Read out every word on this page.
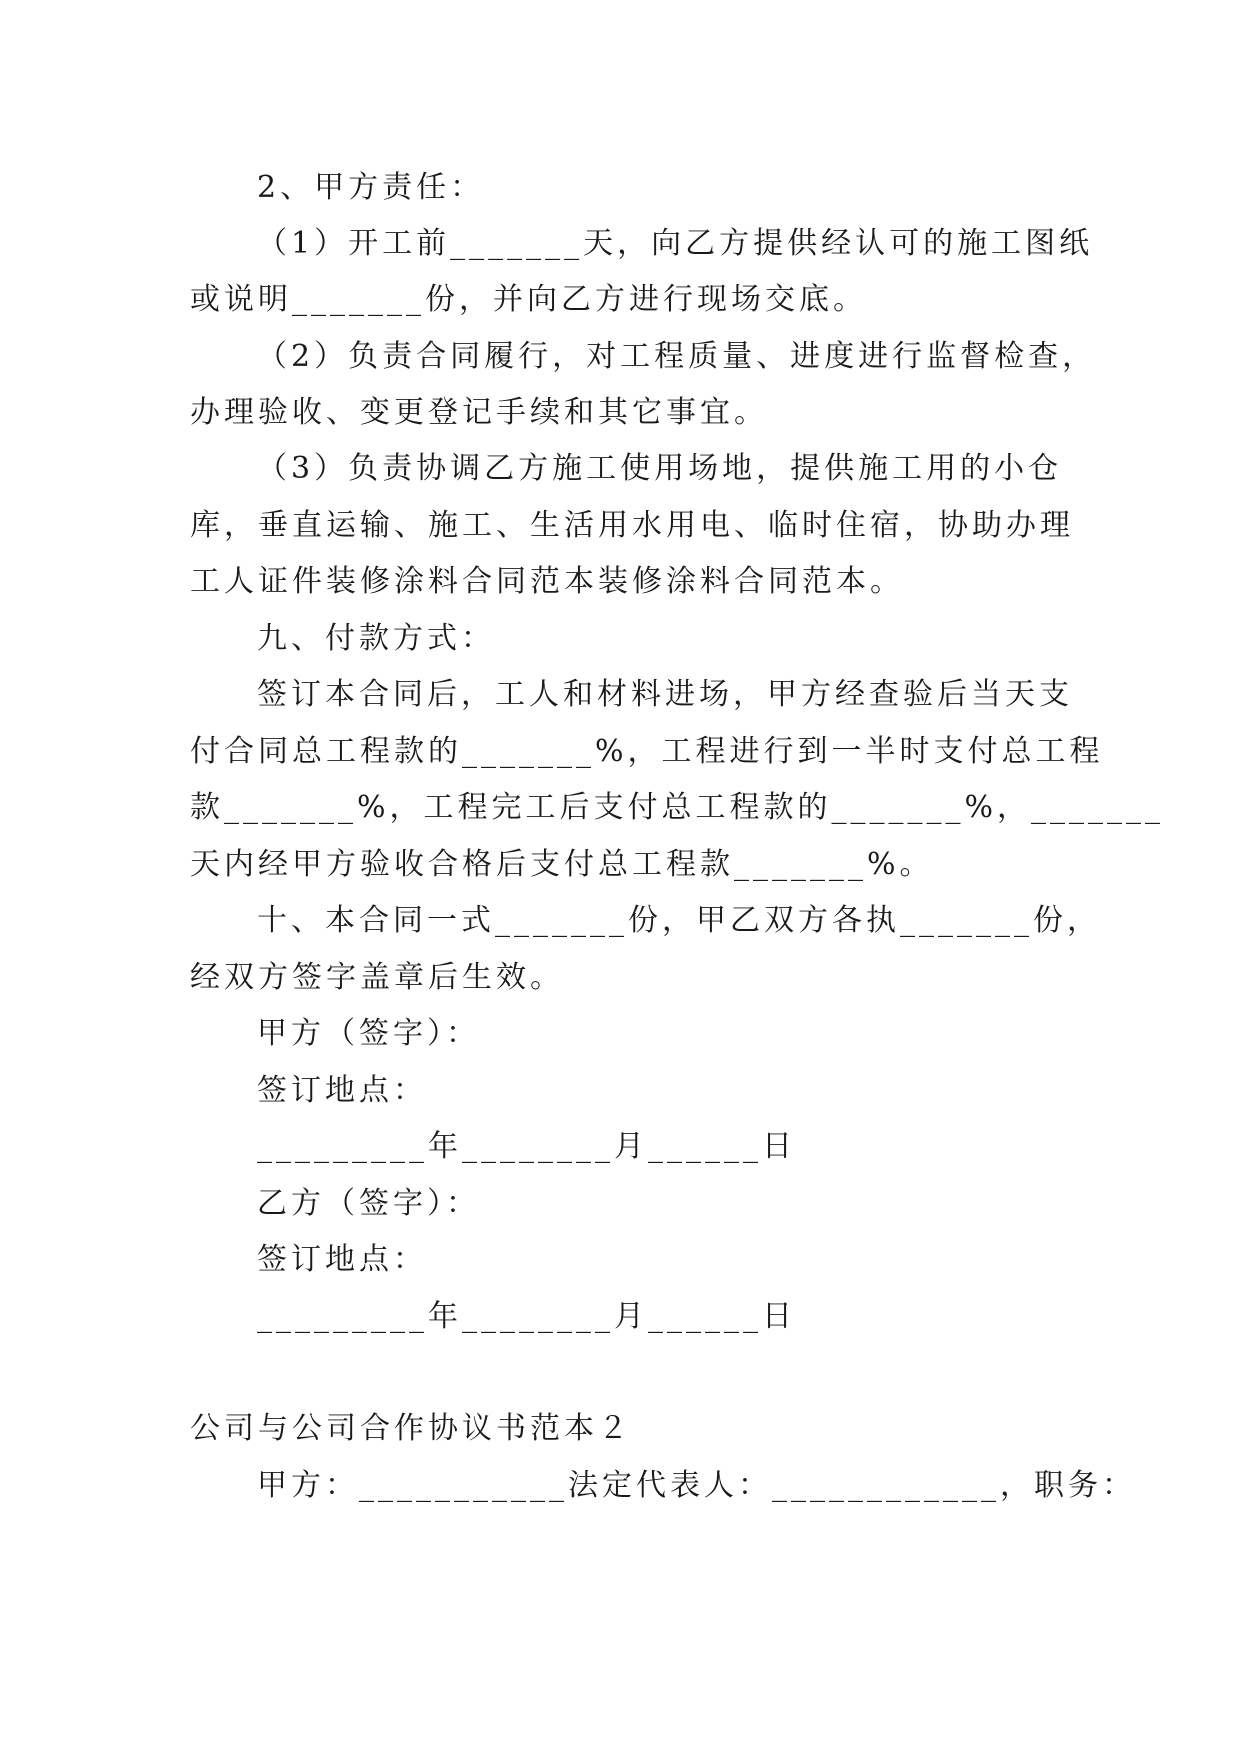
2、甲方责任：
（1）开工前_______天，向乙方提供经认可的施工图纸
或说明_______份，并向乙方进行现场交底。
（2）负责合同履行，对工程质量、进度进行监督检查，
办理验收、变更登记手续和其它事宜。
（3）负责协调乙方施工使用场地，提供施工用的小仓
库，垂直运输、施工、生活用水用电、临时住宿，协助办理
工人证件装修涂料合同范本装修涂料合同范本。
九、付款方式：
签订本合同后，工人和材料进场，甲方经查验后当天支
付合同总工程款的_______%，工程进行到一半时支付总工程
款_______%，工程完工后支付总工程款的_______%，_______
天内经甲方验收合格后支付总工程款_______%。
十、本合同一式_______份，甲乙双方各执_______份，
经双方签字盖章后生效。
甲方（签字）：
签订地点：
_________年________月______日
乙方（签字）：
签订地点：
_________年________月______日
公司与公司合作协议书范本２
甲方：___________法定代表人：____________，职务：
